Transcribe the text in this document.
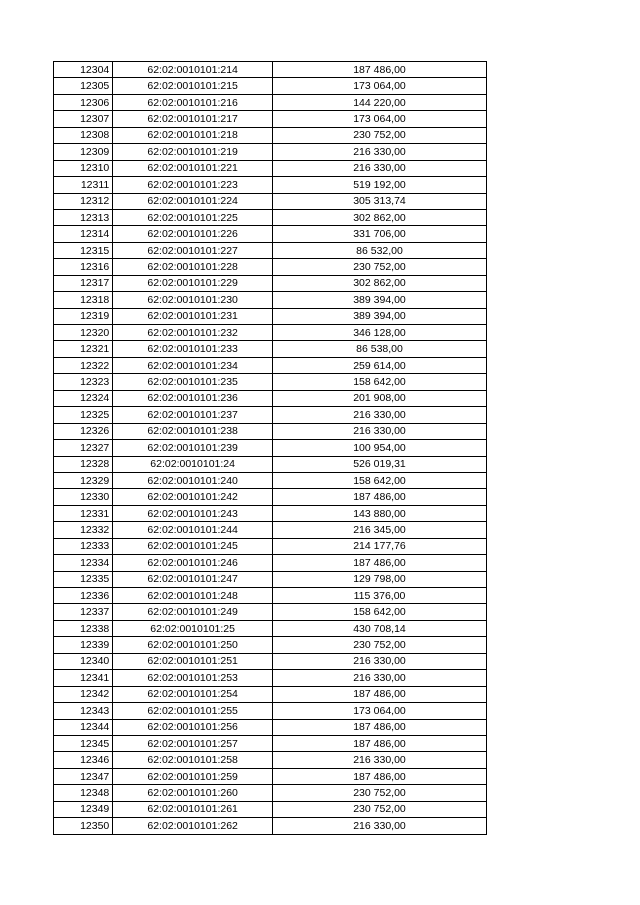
12304	62:02:0010101:214	187 486,00
12305	62:02:0010101:215	173 064,00
12306	62:02:0010101:216	144 220,00
12307	62:02:0010101:217	173 064,00
12308	62:02:0010101:218	230 752,00
12309	62:02:0010101:219	216 330,00
12310	62:02:0010101:221	216 330,00
12311	62:02:0010101:223	519 192,00
12312	62:02:0010101:224	305 313,74
12313	62:02:0010101:225	302 862,00
12314	62:02:0010101:226	331 706,00
12315	62:02:0010101:227	86 532,00
12316	62:02:0010101:228	230 752,00
12317	62:02:0010101:229	302 862,00
12318	62:02:0010101:230	389 394,00
12319	62:02:0010101:231	389 394,00
12320	62:02:0010101:232	346 128,00
12321	62:02:0010101:233	86 538,00
12322	62:02:0010101:234	259 614,00
12323	62:02:0010101:235	158 642,00
12324	62:02:0010101:236	201 908,00
12325	62:02:0010101:237	216 330,00
12326	62:02:0010101:238	216 330,00
12327	62:02:0010101:239	100 954,00
12328	62:02:0010101:24	526 019,31
12329	62:02:0010101:240	158 642,00
12330	62:02:0010101:242	187 486,00
12331	62:02:0010101:243	143 880,00
12332	62:02:0010101:244	216 345,00
12333	62:02:0010101:245	214 177,76
12334	62:02:0010101:246	187 486,00
12335	62:02:0010101:247	129 798,00
12336	62:02:0010101:248	115 376,00
12337	62:02:0010101:249	158 642,00
12338	62:02:0010101:25	430 708,14
12339	62:02:0010101:250	230 752,00
12340	62:02:0010101:251	216 330,00
12341	62:02:0010101:253	216 330,00
12342	62:02:0010101:254	187 486,00
12343	62:02:0010101:255	173 064,00
12344	62:02:0010101:256	187 486,00
12345	62:02:0010101:257	187 486,00
12346	62:02:0010101:258	216 330,00
12347	62:02:0010101:259	187 486,00
12348	62:02:0010101:260	230 752,00
12349	62:02:0010101:261	230 752,00
12350	62:02:0010101:262	216 330,00
